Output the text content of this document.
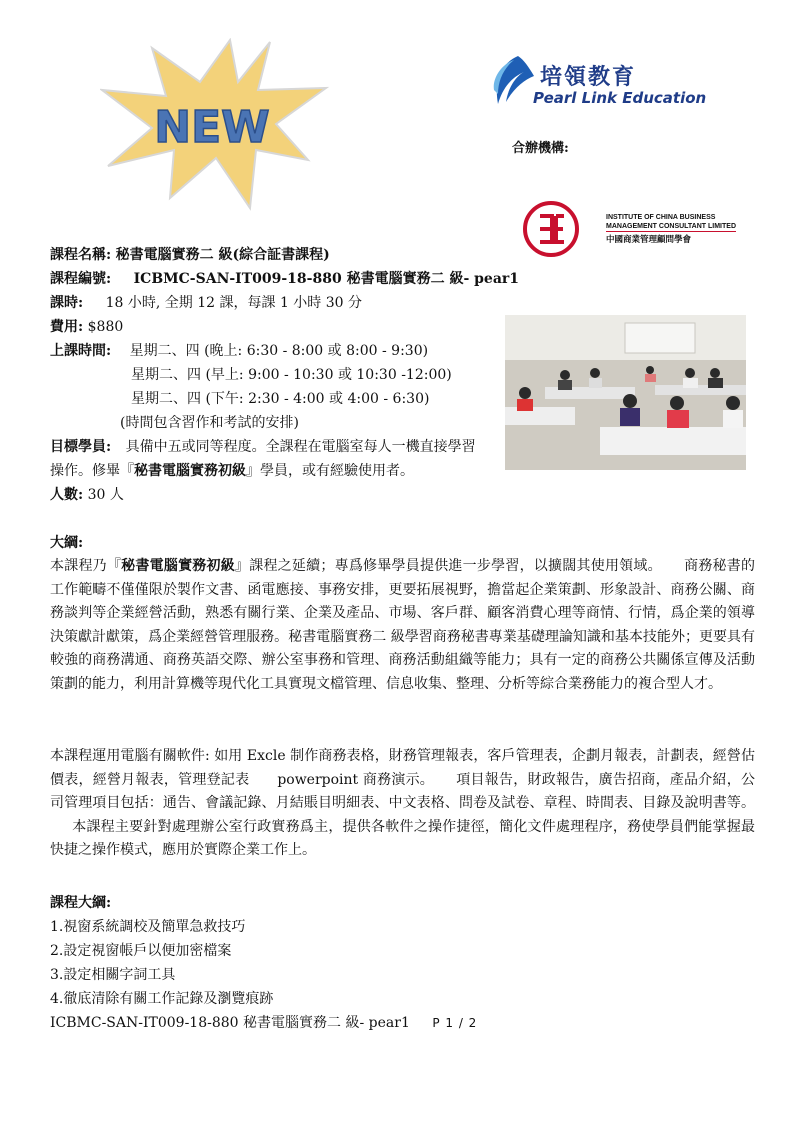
NEW
培領教育
Pearl Link Education
合辦機構:
INSTITUTE OF CHINA BUSINESS
MANAGEMENT CONSULTANT LIMITED
中國商業管理顧問學會
課程名稱: 秘書電腦實務二 級(綜合証書課程)
課程編號: ICBMC-SAN-IT009-18-880 秘書電腦實務二 級- pear1
課時: 18 小時, 全期 12 課，每課 1 小時 30 分
費用: $880
上課時間: 星期二、四 (晚上: 6:30 - 8:00 或 8:00 - 9:30)
星期二、四 (早上: 9:00 - 10:30 或 10:30 -12:00)
星期二、四 (下午: 2:30 - 4:00 或 4:00 - 6:30)
(時間包含習作和考試的安排)
目標學員: 具備中五或同等程度。全課程在電腦室每人一機直接學習
操作。修畢『秘書電腦實務初級』學員，或有經驗使用者。
人數: 30 人
大綱:
本課程乃『秘書電腦實務初級』課程之延續；專爲修畢學員提供進一步學習，以擴闊其使用領域。 商務秘書的工作範疇不僅僅限於製作文書、函電應接、事務安排，更要拓展視野，擔當起企業策劃、形象設計、商務公關、商務談判等企業經營活動，熟悉有關行業、企業及產品、市場、客戶群、顧客消費心理等商情、行情，爲企業的領導決策獻計獻策，爲企業經營管理服務。秘書電腦實務二 級學習商務秘書專業基礎理論知識和基本技能外；更要具有較強的商務溝通、商務英語交際、辦公室事務和管理、商務活動組織等能力；具有一定的商務公共關係宣傳及活動策劃的能力，利用計算機等現代化工具實現文檔管理、信息收集、整理、分析等綜合業務能力的複合型人才。
本課程運用電腦有關軟件: 如用 Excle 制作商務表格，財務管理報表，客戶管理表，企劃月報表，計劃表，經營估價表，經營月報表，管理登記表 powerpoint 商務演示。 項目報告，財政報告，廣告招商，產品介紹，公司管理項目包括：通告、會議記錄、月結賬目明細表、中文表格、問卷及試卷、章程、時間表、目錄及說明書等。本課程主要針對處理辦公室行政實務爲主，提供各軟件之操作捷徑，簡化文件處理程序，務使學員們能掌握最快捷之操作模式，應用於實際企業工作上。
課程大綱:
1.視窗系統調校及簡單急救技巧
2.設定視窗帳戶以便加密檔案
3.設定相關字詞工具
4.徹底清除有關工作記錄及瀏覽痕跡
ICBMC-SAN-IT009-18-880 秘書電腦實務二 級- pear1 P 1 / 2
